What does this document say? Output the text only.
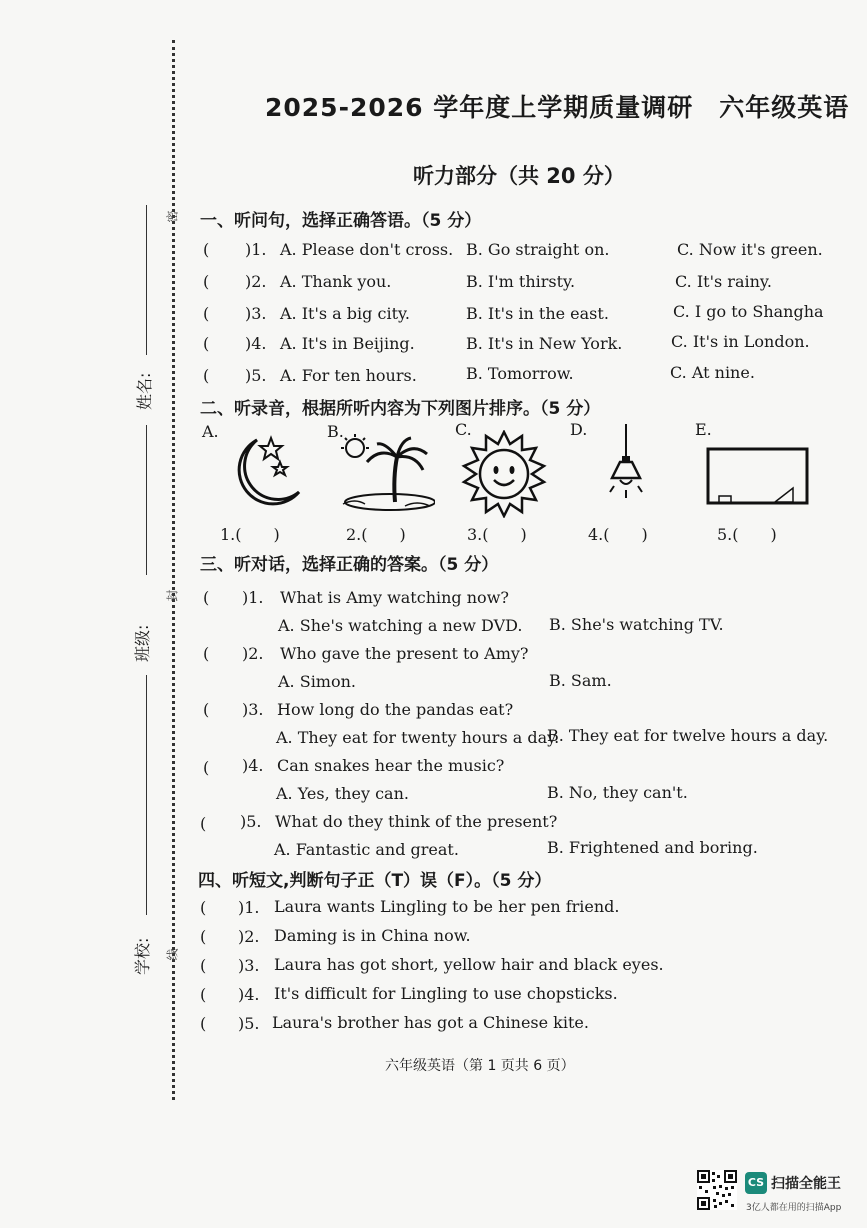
密
封
线
姓名:
班级:
学校:
2025-2026 学年度上学期质量调研　六年级英语
听力部分（共 20 分）
一、听问句，选择正确答语。（5 分）
( )1. A. Please don't cross. B. Go straight on.	C. Now it's green.
( )2. A. Thank you.	B. I'm thirsty.	C. It's rainy.
( )3. A. It's a big city.	B. It's in the east.	C. I go to Shangha
( )4. A. It's in Beijing.	B. It's in New York.	C. It's in London.
( )5. A. For ten hours.	B. Tomorrow.	C. At nine.
二、听录音，根据所听内容为下列图片排序。（5 分）
A.	B.	C.	D.	E.
1.(　　)	2.(　　)	3.(　　)	4.(　　)	5.(　　)
三、听对话，选择正确的答案。（5 分）
( )1. What is Amy watching now?
A. She's watching a new DVD. B. She's watching TV.
( )2. Who gave the present to Amy?
A. Simon.	B. Sam.
( )3. How long do the pandas eat?
A. They eat for twenty hours a day.
B. They eat for twelve hours a day.
( )4. Can snakes hear the music?
A. Yes, they can.	B. No, they can't.
( )5. What do they think of the present?
A. Fantastic and great.	B. Frightened and boring.
四、听短文,判断句子正（T）误（F）。（5 分）
( )1. Laura wants Lingling to be her pen friend.
( )2. Daming is in China now.
( )3. Laura has got short, yellow hair and black eyes.
( )4. It's difficult for Lingling to use chopsticks.
( )5. Laura's brother has got a Chinese kite.
六年级英语（第 1 页共 6 页）
CS 扫描全能王
3亿人都在用的扫描App
